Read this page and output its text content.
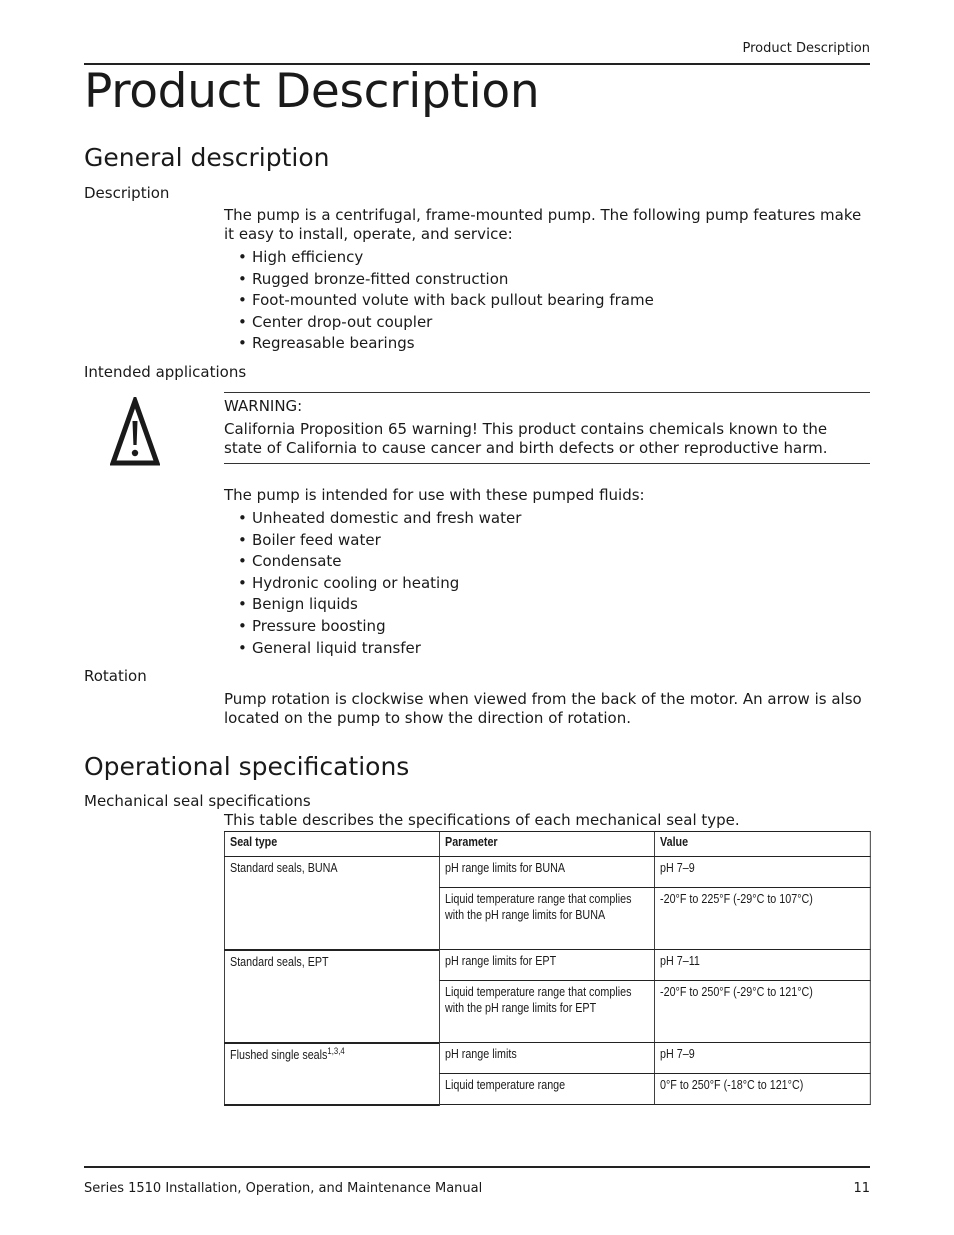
Product Description
Product Description
General description
Description
The pump is a centrifugal, frame-mounted pump. The following pump features make it easy to install, operate, and service:
• High efficiency
• Rugged bronze-fitted construction
• Foot-mounted volute with back pullout bearing frame
• Center drop-out coupler
• Regreasable bearings
Intended applications
WARNING:
California Proposition 65 warning! This product contains chemicals known to the state of California to cause cancer and birth defects or other reproductive harm.
The pump is intended for use with these pumped fluids:
• Unheated domestic and fresh water
• Boiler feed water
• Condensate
• Hydronic cooling or heating
• Benign liquids
• Pressure boosting
• General liquid transfer
Rotation
Pump rotation is clockwise when viewed from the back of the motor. An arrow is also located on the pump to show the direction of rotation.
Operational specifications
Mechanical seal specifications
This table describes the specifications of each mechanical seal type.
Seal type	Parameter	Value
Standard seals, BUNA	pH range limits for BUNA	pH 7–9
	Liquid temperature range that complies with the pH range limits for BUNA	-20°F to 225°F (-29°C to 107°C)
Standard seals, EPT	pH range limits for EPT	pH 7–11
	Liquid temperature range that complies with the pH range limits for EPT	-20°F to 250°F (-29°C to 121°C)
Flushed single seals$^{1,3,4}$	pH range limits	pH 7–9
	Liquid temperature range	0°F to 250°F (-18°C to 121°C)
Series 1510 Installation, Operation, and Maintenance Manual	11
